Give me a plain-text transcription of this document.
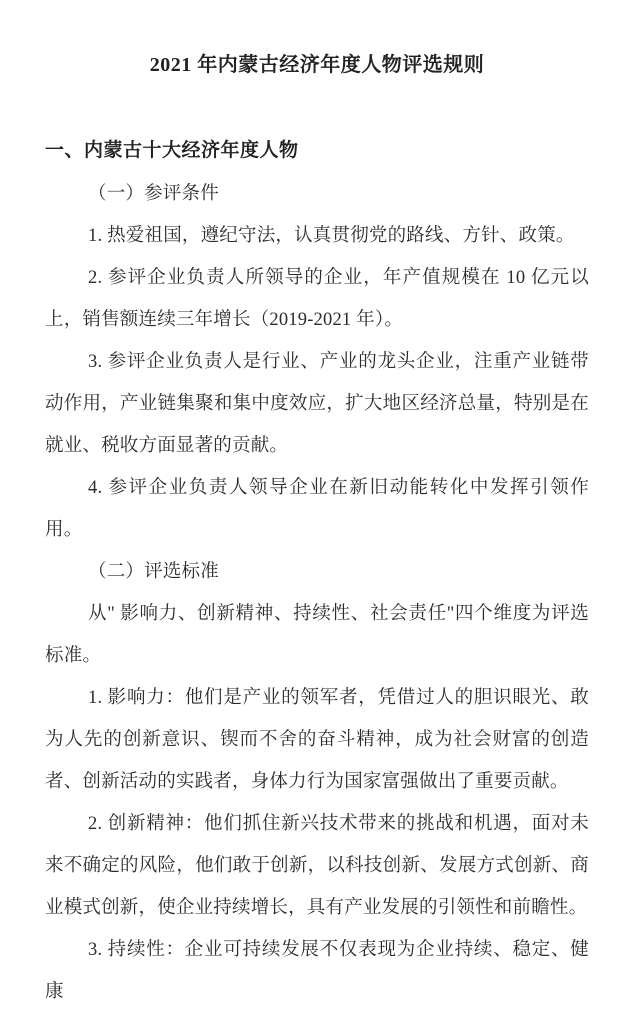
2021 年内蒙古经济年度人物评选规则
一、内蒙古十大经济年度人物

（一）参评条件

1. 热爱祖国，遵纪守法，认真贯彻党的路线、方针、政策。

2. 参评企业负责人所领导的企业，年产值规模在 10 亿元以上，销售额连续三年增长（2019-2021 年）。

3. 参评企业负责人是行业、产业的龙头企业，注重产业链带动作用，产业链集聚和集中度效应，扩大地区经济总量，特别是在就业、税收方面显著的贡献。

4. 参评企业负责人领导企业在新旧动能转化中发挥引领作用。

（二）评选标准

从" 影响力、创新精神、持续性、社会责任"四个维度为评选标准。

1. 影响力：他们是产业的领军者，凭借过人的胆识眼光、敢为人先的创新意识、锲而不舍的奋斗精神，成为社会财富的创造者、创新活动的实践者，身体力行为国家富强做出了重要贡献。

2. 创新精神：他们抓住新兴技术带来的挑战和机遇，面对未来不确定的风险，他们敢于创新，以科技创新、发展方式创新、商业模式创新，使企业持续增长，具有产业发展的引领性和前瞻性。

3. 持续性：企业可持续发展不仅表现为企业持续、稳定、健康
